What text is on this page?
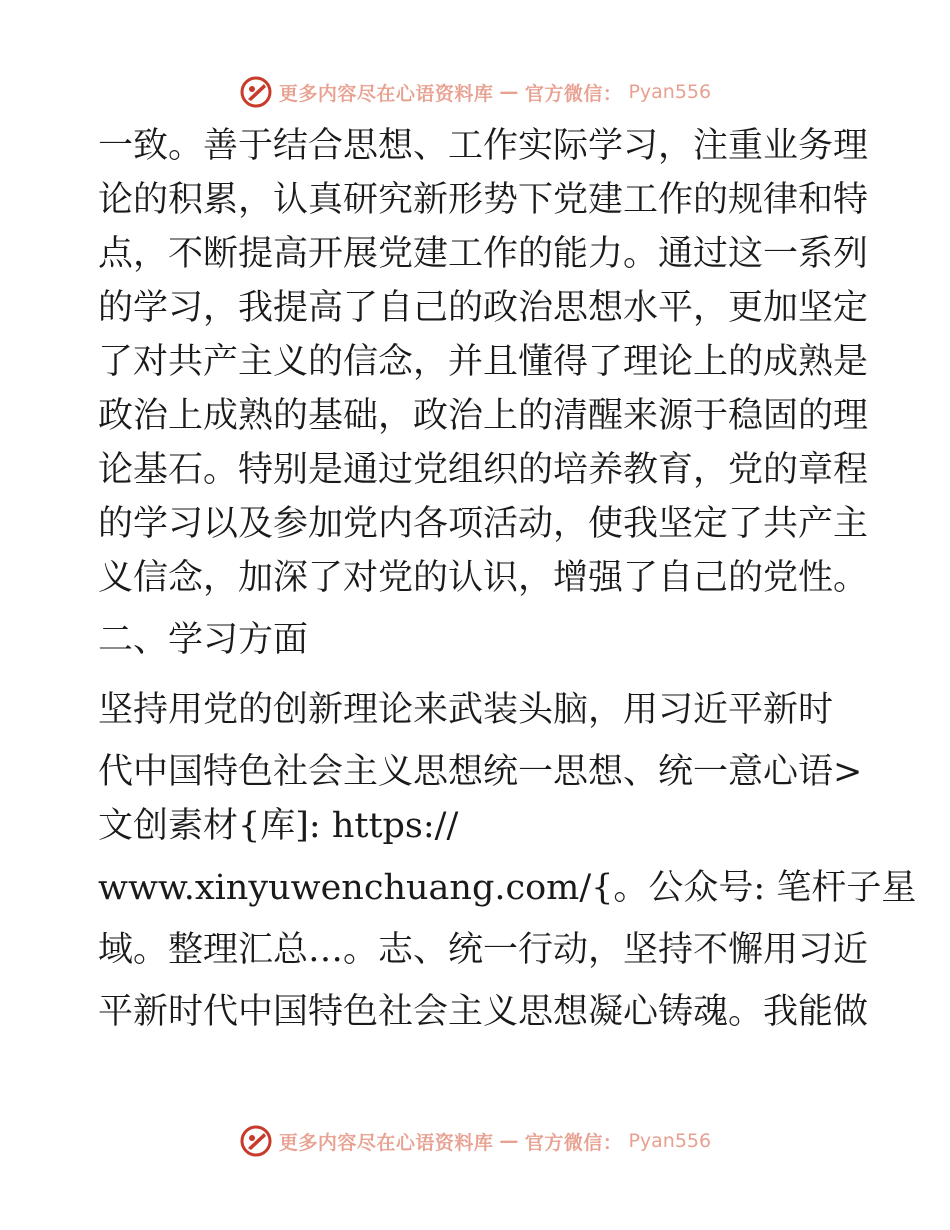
更多内容尽在心语资料库 — 官方微信： Pyan556
一致。善于结合思想、工作实际学习，注重业务理
论的积累，认真研究新形势下党建工作的规律和特
点，不断提高开展党建工作的能力。通过这一系列
的学习，我提高了自己的政治思想水平，更加坚定
了对共产主义的信念，并且懂得了理论上的成熟是
政治上成熟的基础，政治上的清醒来源于稳固的理
论基石。特别是通过党组织的培养教育，党的章程
的学习以及参加党内各项活动，使我坚定了共产主
义信念，加深了对党的认识，增强了自己的党性。
二、学习方面
坚持用党的创新理论来武装头脑，用习近平新时
代中国特色社会主义思想统一思想、统一意心语>
文创素材{库]: https://
www.xinyuwenchuang.com/{。公众号: 笔杆子星
域。整理汇总…。志、统一行动，坚持不懈用习近
平新时代中国特色社会主义思想凝心铸魂。我能做
更多内容尽在心语资料库 — 官方微信： Pyan556
